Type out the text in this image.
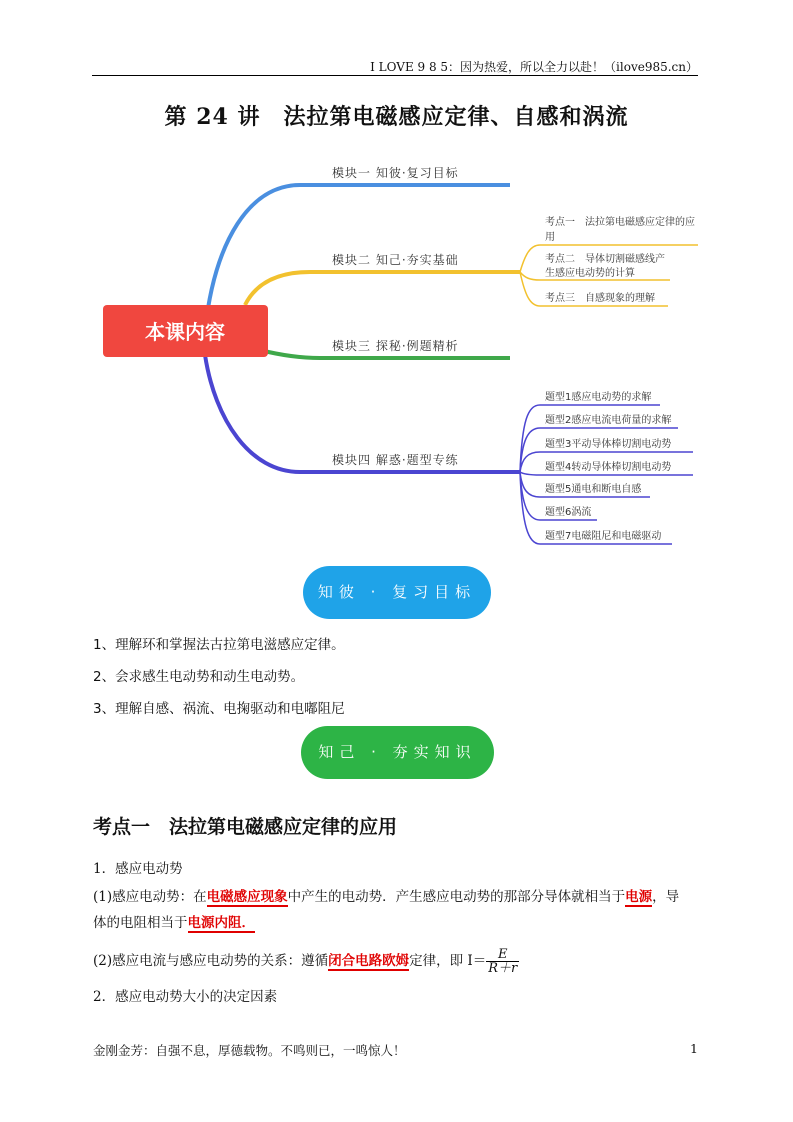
I LOVE 9 8 5：因为热爱，所以全力以赴！（ilove985.cn）
第 24 讲　法拉第电磁感应定律、自感和涡流
本课内容
模块一 知彼·复习目标
模块二 知己·夯实基础
模块三 探秘·例题精析
模块四 解惑·题型专练
考点一　法拉第电磁感应定律的应
用
考点二　导体切割磁感线产
生感应电动势的计算
考点三　自感现象的理解
题型1感应电动势的求解
题型2感应电流电荷量的求解
题型3平动导体棒切割电动势
题型4转动导体棒切割电动势
题型5通电和断电自感
题型6涡流
题型7电磁阻尼和电磁驱动
知彼 · 复习目标
1、理解环和掌握法古拉第电滋感应定律。
2、会求感生电动势和动生电动势。
3、理解自感、祸流、电掬驱动和电嘟阻尼
知己 · 夯实知识
考点一　法拉第电磁感应定律的应用
1．感应电动势
(1)感应电动势：在电磁感应现象中产生的电动势．产生感应电动势的那部分导体就相当于电源，导
体的电阻相当于电源内阻．
(2)感应电流与感应电动势的关系：遵循闭合电路欧姆定律，即 $I= \frac{E}{R+r}$
2．感应电动势大小的决定因素
金刚金芳：自强不息，厚德载物。不鸣则已，一鸣惊人！	1
